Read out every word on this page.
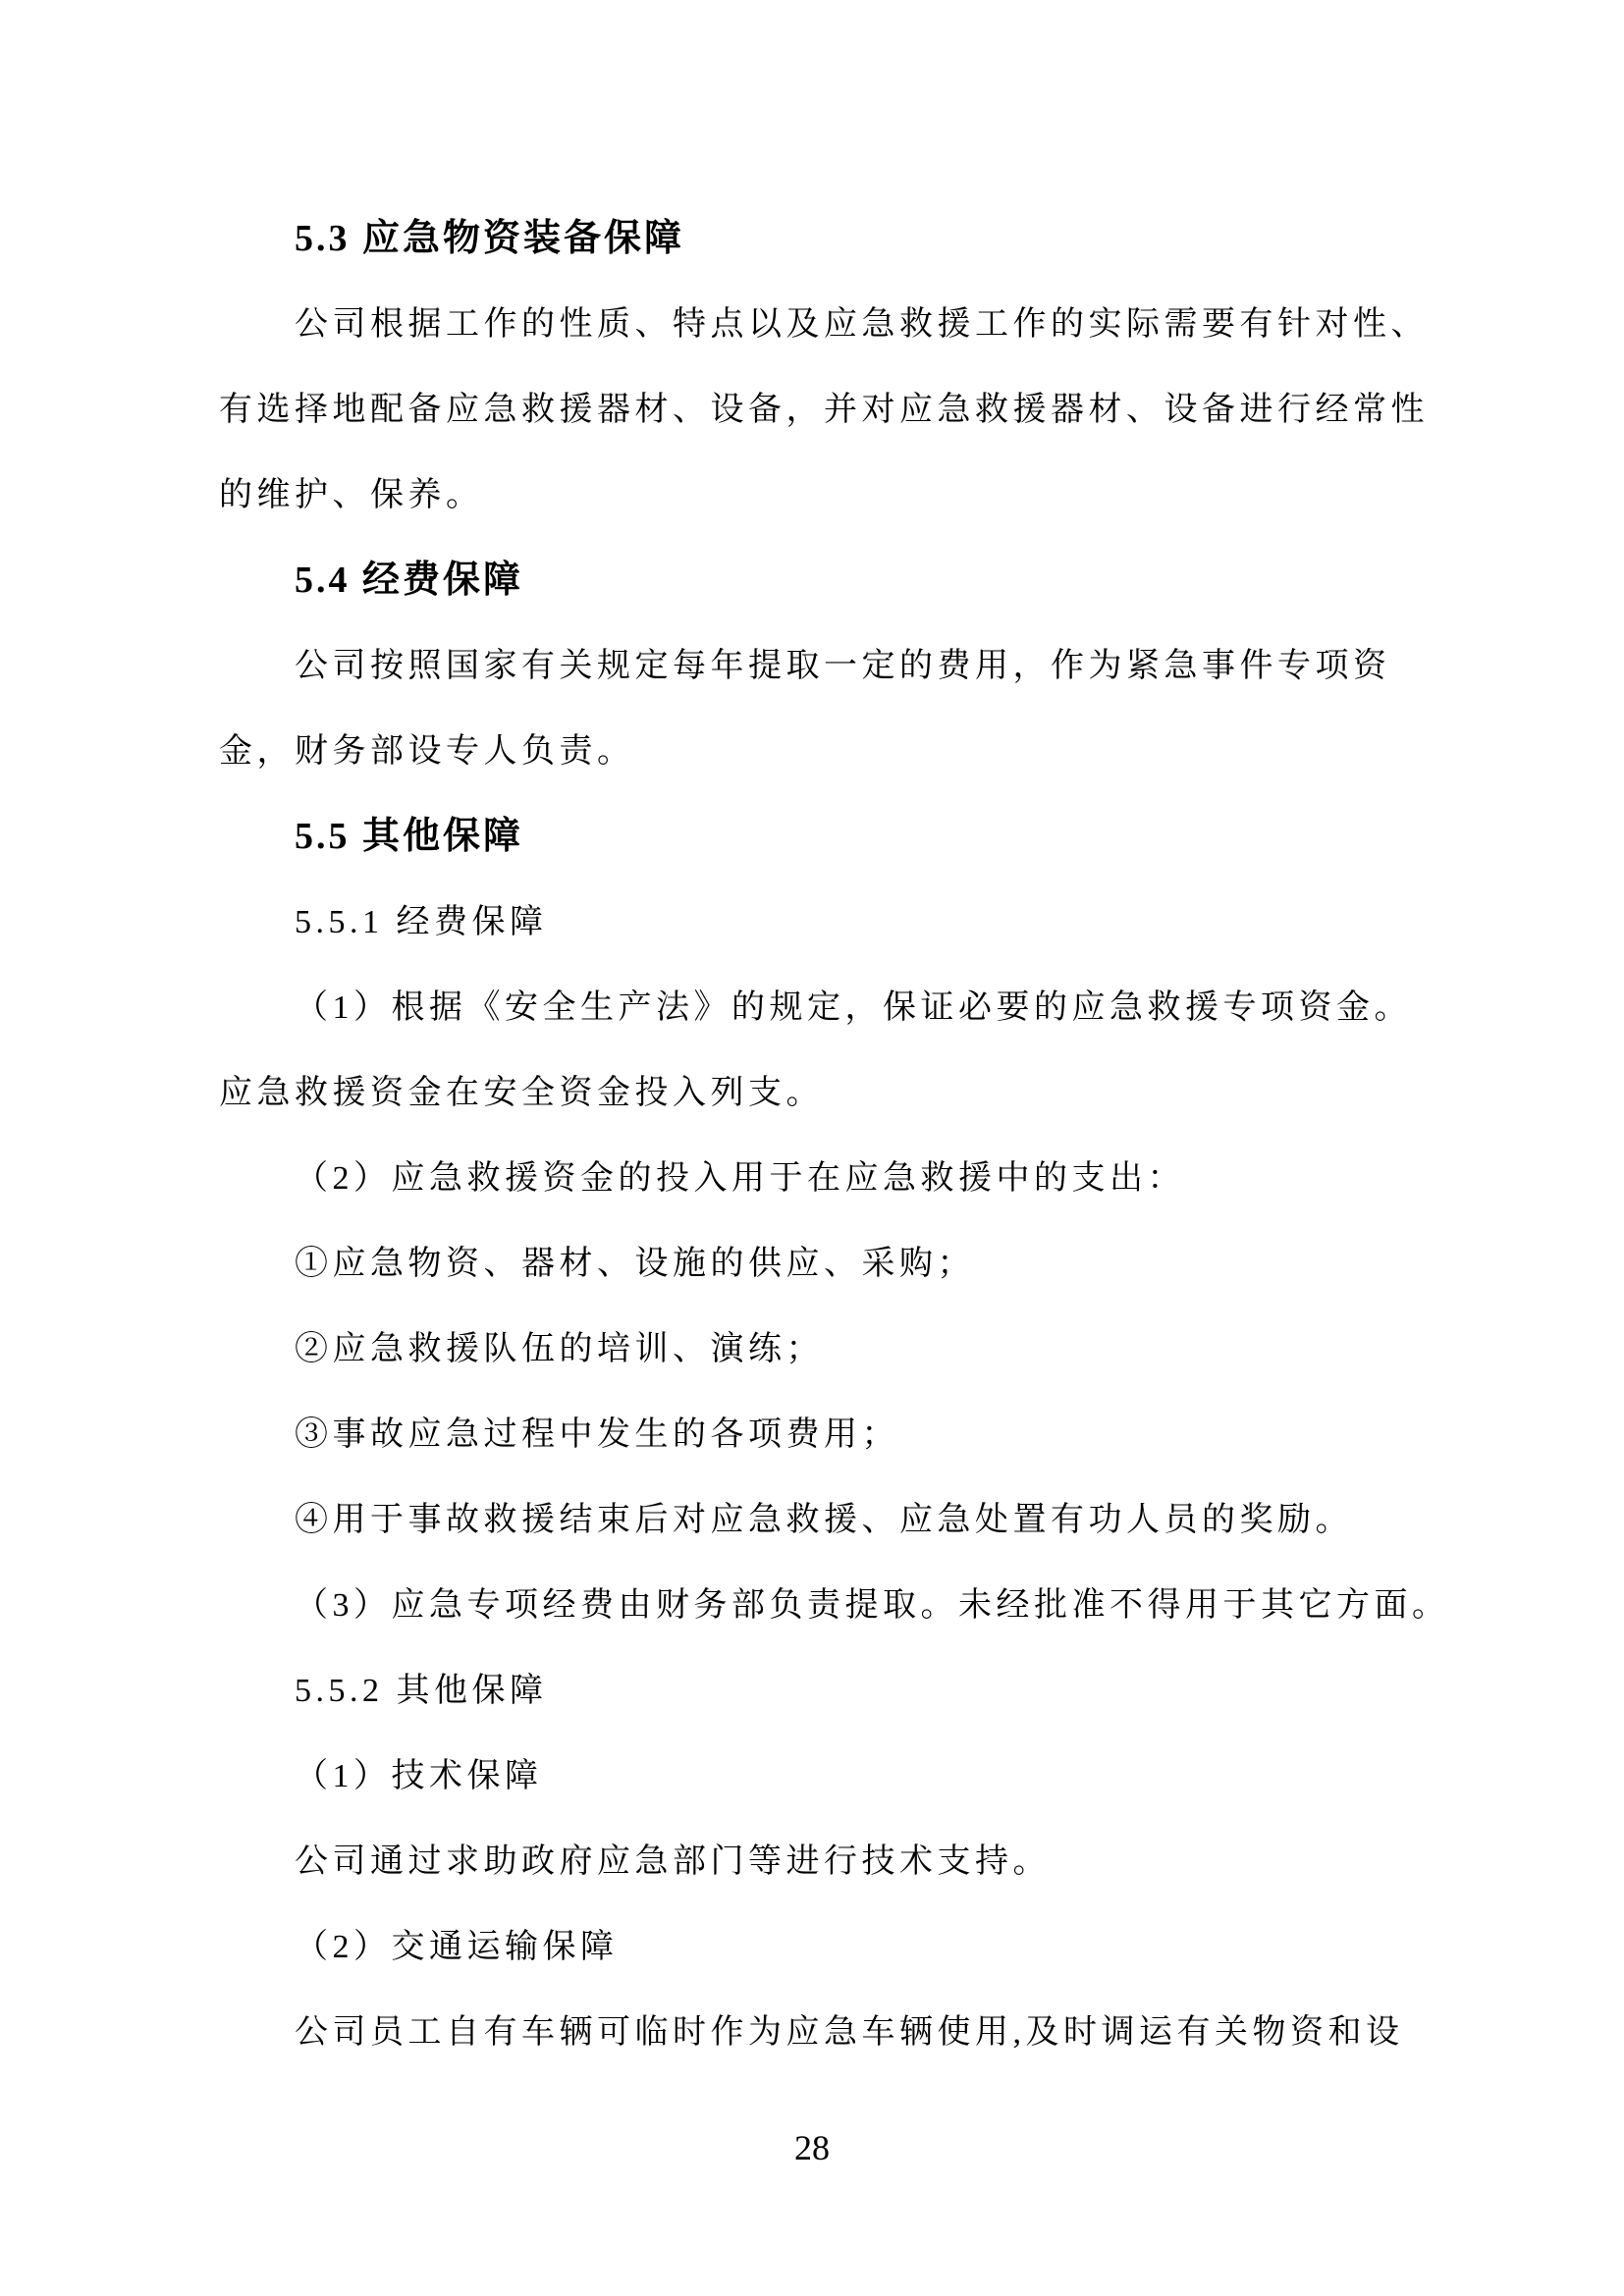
5.3 应急物资装备保障
公司根据工作的性质、特点以及应急救援工作的实际需要有针对性、
有选择地配备应急救援器材、设备，并对应急救援器材、设备进行经常性
的维护、保养。
5.4 经费保障
公司按照国家有关规定每年提取一定的费用，作为紧急事件专项资
金，财务部设专人负责。
5.5 其他保障
5.5.1 经费保障
（1）根据《安全生产法》的规定，保证必要的应急救援专项资金。
应急救援资金在安全资金投入列支。
（2）应急救援资金的投入用于在应急救援中的支出：
①应急物资、器材、设施的供应、采购；
②应急救援队伍的培训、演练；
③事故应急过程中发生的各项费用；
④用于事故救援结束后对应急救援、应急处置有功人员的奖励。
（3）应急专项经费由财务部负责提取。未经批准不得用于其它方面。
5.5.2 其他保障
（1）技术保障
公司通过求助政府应急部门等进行技术支持。
（2）交通运输保障
公司员工自有车辆可临时作为应急车辆使用,及时调运有关物资和设
28
